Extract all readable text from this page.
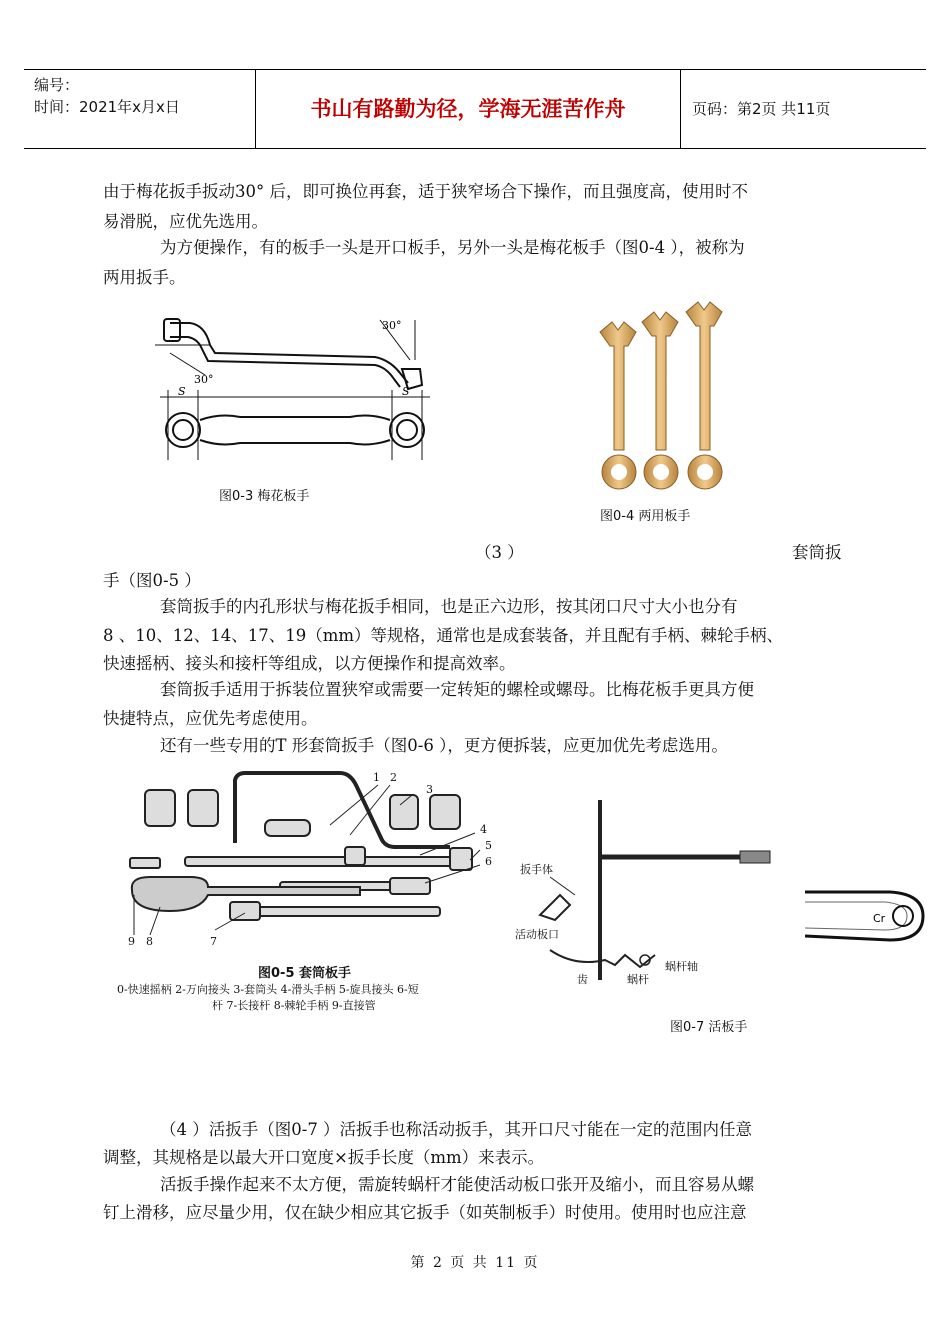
编号：
时间：2021年x月x日	书山有路勤为径，学海无涯苦作舟	页码：第2页 共11页
由于梅花扳手扳动30° 后，即可换位再套，适于狭窄场合下操作，而且强度高，使用时不
易滑脱，应优先选用。
为方便操作，有的板手一头是开口板手，另外一头是梅花板手（图0-4 ），被称为
两用扳手。
30°
30°
S	S
图0-3 梅花板手
图0-4 两用板手
（3 ）	套筒扳
手（图0-5 ）
套筒扳手的内孔形状与梅花扳手相同，也是正六边形，按其闭口尺寸大小也分有
8 、10、12、14、17、19（mm）等规格，通常也是成套装备，并且配有手柄、棘轮手柄、
快速摇柄、接头和接杆等组成，以方便操作和提高效率。
套筒扳手适用于拆装位置狭窄或需要一定转矩的螺栓或螺母。比梅花板手更具方便
快捷特点，应优先考虑使用。
还有一些专用的T 形套筒扳手（图0-6 ），更方便拆装，应更加优先考虑选用。
1 2
3
4
5
6
7
8
9
图0-5 套筒板手
0-快速摇柄 2-万向接头 3-套筒头 4-滑头手柄 5-旋具接头 6-短
杆 7-长接杆 8-棘轮手柄 9-直接管
扳手体
活动板口
齿	蜗杆
蜗杆轴
Cr
图0-7 活板手
（4 ）活扳手（图0-7 ）活扳手也称活动扳手，其开口尺寸能在一定的范围内任意
调整，其规格是以最大开口宽度×扳手长度（mm）来表示。
活扳手操作起来不太方便，需旋转蜗杆才能使活动板口张开及缩小，而且容易从螺
钉上滑移，应尽量少用，仅在缺少相应其它扳手（如英制板手）时使用。使用时也应注意
第 2 页 共 11 页
